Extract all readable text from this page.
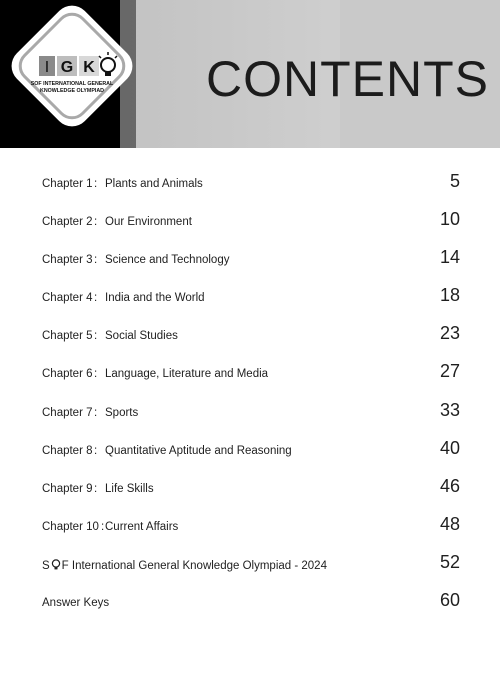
I G K
SOF INTERNATIONAL GENERAL
KNOWLEDGE OLYMPIAD CONTENTS
Chapter 1 : Plants and Animals	5
Chapter 2 : Our Environment	10
Chapter 3 : Science and Technology	14
Chapter 4 : India and the World	18
Chapter 5 : Social Studies	23
Chapter 6 : Language, Literature and Media	27
Chapter 7 : Sports	33
Chapter 8 : Quantitative Aptitude and Reasoning	40
Chapter 9 : Life Skills	46
Chapter 10 : Current Affairs	48
S F International General Knowledge Olympiad - 2024	52
Answer Keys	60
